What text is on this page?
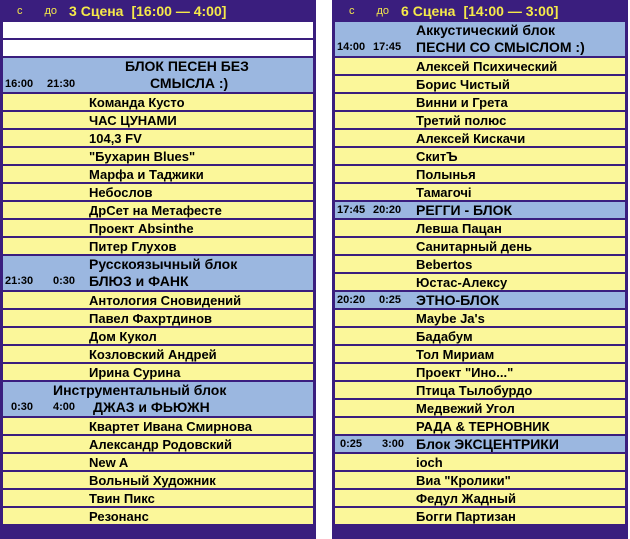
с до 3 Сцена [16:00 — 4:00]
БЛОК ПЕСЕН БЕЗ
СМЫСЛА :)
16:00 21:30
Команда Кусто
ЧАС ЦУНАМИ
104,3 FV
"Бухарин Blues"
Марфа и Таджики
Небослов
ДрСет на Метафесте
Проект Absinthe
Питер Глухов
Русскоязычный блок
БЛЮЗ и ФАНК
21:30 0:30
Антология Сновидений
Павел Фахртдинов
Дом Кукол
Козловский Андрей
Ирина Сурина
Инструментальный блок
ДЖАЗ и ФЬЮЖН
0:30 4:00
Квартет Ивана Смирнова
Александр Родовский
New A
Вольный Художник
Твин Пикс
Резонанс
с до 6 Сцена [14:00 — 3:00]
Аккустический блок
ПЕСНИ СО СМЫСЛОМ :)
14:00 17:45
Алексей Психический
Борис Чистый
Винни и Грета
Третий полюс
Алексей Кискачи
СкитЪ
Полынья
Тамагочі
17:45 20:20 РЕГГИ - БЛОК
Левша Пацан
Санитарный день
Bebertos
Юстас-Алексу
20:20 0:25 ЭТНО-БЛОК
Maybe Ja's
Бадабум
Тол Мириам
Проект "Ино..."
Птица Тылобурдо
Медвежий Угол
РАДА & ТЕРНОВНИК
0:25 3:00 Блок ЭКСЦЕНТРИКИ
ioch
Виа "Кролики"
Федул Жадный
Богги Партизан
